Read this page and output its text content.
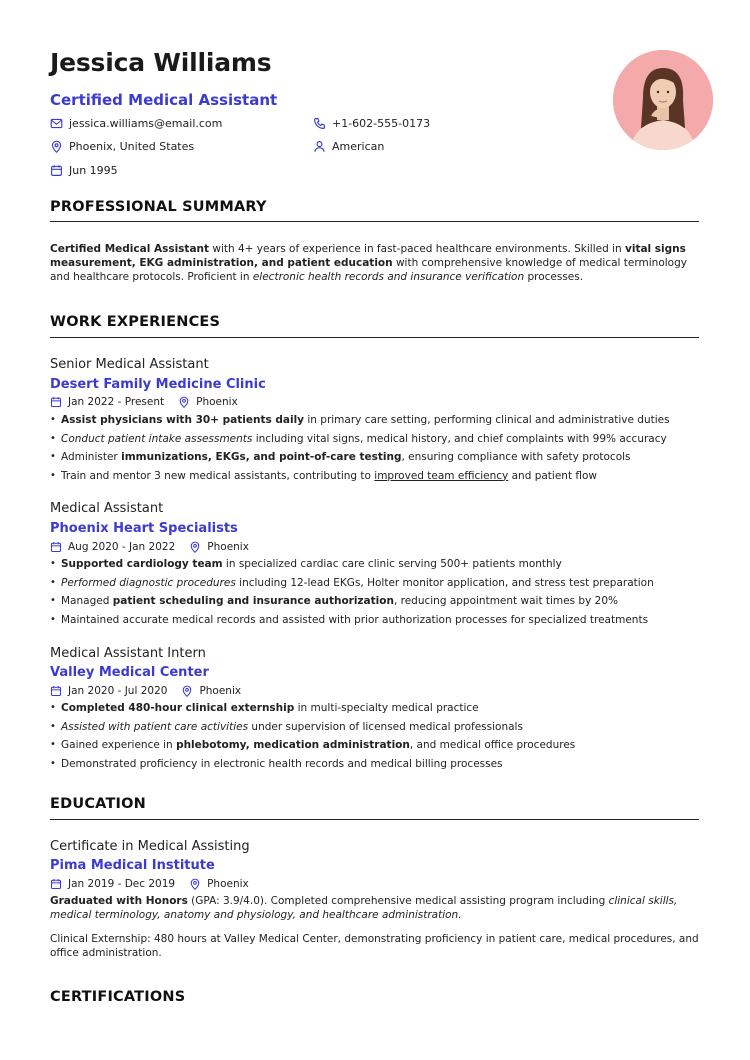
Jessica Williams
Certified Medical Assistant
jessica.williams@email.com	+1-602-555-0173
Phoenix, United States	American
Jun 1995
PROFESSIONAL SUMMARY
Certified Medical Assistant with 4+ years of experience in fast-paced healthcare environments. Skilled in vital signs measurement, EKG administration, and patient education with comprehensive knowledge of medical terminology and healthcare protocols. Proficient in electronic health records and insurance verification processes.
WORK EXPERIENCES
Senior Medical Assistant
Desert Family Medicine Clinic
Jan 2022 - Present	Phoenix
• Assist physicians with 30+ patients daily in primary care setting, performing clinical and administrative duties
• Conduct patient intake assessments including vital signs, medical history, and chief complaints with 99% accuracy
• Administer immunizations, EKGs, and point-of-care testing, ensuring compliance with safety protocols
• Train and mentor 3 new medical assistants, contributing to improved team efficiency and patient flow
Medical Assistant
Phoenix Heart Specialists
Aug 2020 - Jan 2022	Phoenix
• Supported cardiology team in specialized cardiac care clinic serving 500+ patients monthly
• Performed diagnostic procedures including 12-lead EKGs, Holter monitor application, and stress test preparation
• Managed patient scheduling and insurance authorization, reducing appointment wait times by 20%
• Maintained accurate medical records and assisted with prior authorization processes for specialized treatments
Medical Assistant Intern
Valley Medical Center
Jan 2020 - Jul 2020	Phoenix
• Completed 480-hour clinical externship in multi-specialty medical practice
• Assisted with patient care activities under supervision of licensed medical professionals
• Gained experience in phlebotomy, medication administration, and medical office procedures
• Demonstrated proficiency in electronic health records and medical billing processes
EDUCATION
Certificate in Medical Assisting
Pima Medical Institute
Jan 2019 - Dec 2019	Phoenix
Graduated with Honors (GPA: 3.9/4.0). Completed comprehensive medical assisting program including clinical skills, medical terminology, anatomy and physiology, and healthcare administration.
Clinical Externship: 480 hours at Valley Medical Center, demonstrating proficiency in patient care, medical procedures, and office administration.
CERTIFICATIONS
